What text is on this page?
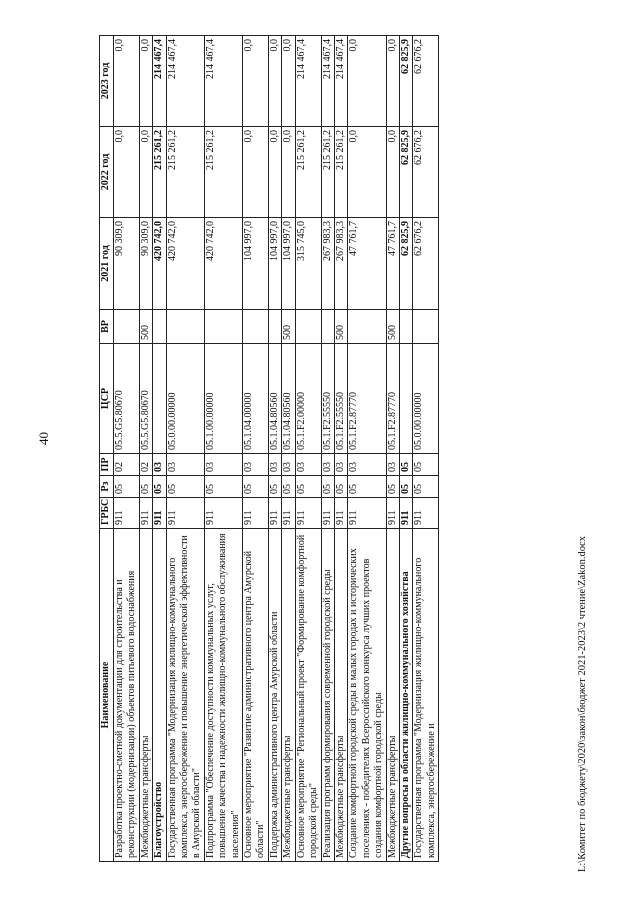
40
Наименование	ГРБС	Рз	ПР	ЦСР	ВР	2021 год	2022 год	2023 год
Разработка проектно-сметной документации для строительства и реконструкции (модернизации) объектов питьевого водоснабжения	911	05	02	05.5.G5.80670		90 309,0	0,0	0,0
Межбюджетные трансферты	911	05	02	05.5.G5.80670	500	90 309,0	0,0	0,0
Благоустройство	911	05	03			420 742,0	215 261,2	214 467,4
Государственная программа "Модернизация жилищно-коммунального комплекса, энергосбережение и повышение энергетической эффективности в Амурской области"	911	05	03	05.0.00.00000		420 742,0	215 261,2	214 467,4
Подпрограмма "Обеспечение доступности коммунальных услуг, повышение качества и надежности жилищно-коммунального обслуживания населения"	911	05	03	05.1.00.00000		420 742,0	215 261,2	214 467,4
Основное мероприятие "Развитие административного центра Амурской области"	911	05	03	05.1.04.00000		104 997,0	0,0	0,0
Поддержка административного центра Амурской области	911	05	03	05.1.04.80560		104 997,0	0,0	0,0
Межбюджетные трансферты	911	05	03	05.1.04.80560	500	104 997,0	0,0	0,0
Основное мероприятие "Региональный проект "Формирование комфортной городской среды"	911	05	03	05.1.F2.00000		315 745,0	215 261,2	214 467,4
Реализация программ формирования современной городской среды	911	05	03	05.1.F2.55550		267 983,3	215 261,2	214 467,4
Межбюджетные трансферты	911	05	03	05.1.F2.55550	500	267 983,3	215 261,2	214 467,4
Создание комфортной городской среды в малых городах и исторических поселениях - победителях Всероссийского конкурса лучших проектов создания комфортной городской среды	911	05	03	05.1.F2.87770		47 761,7	0,0	0,0
Межбюджетные трансферты	911	05	03	05.1.F2.87770	500	47 761,7	0,0	0,0
Другие вопросы в области жилищно-коммунального хозяйства	911	05	05			62 825,9	62 825,9	62 825,9
Государственная программа "Модернизация жилищно-коммунального комплекса, энергосбережение и	911	05	05	05.0.00.00000		62 676,2	62 676,2	62 676,2
L:\Комитет по бюджету\2020\закон\бюджет 2021-2023\2 чтение\Zakon.docx
